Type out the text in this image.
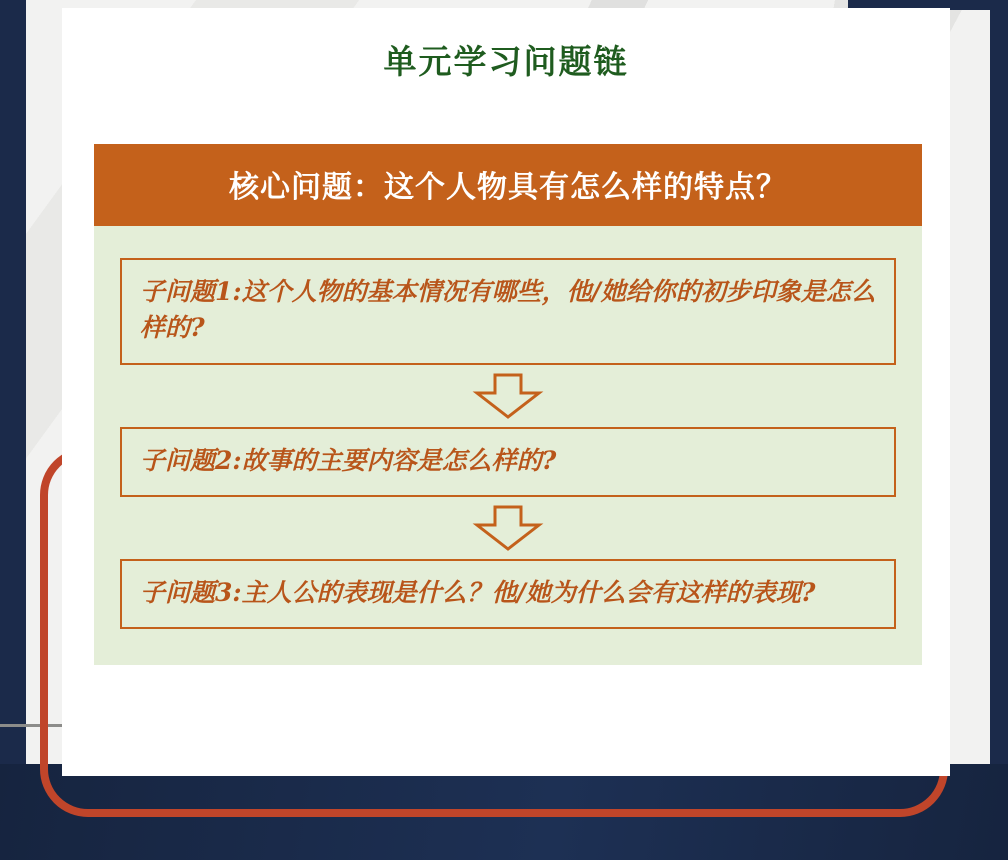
单元学习问题链
核心问题：这个人物具有怎么样的特点？
子问题1:这个人物的基本情况有哪些，他/她给你的初步印象是怎么样的?
子问题2:故事的主要内容是怎么样的?
子问题3:主人公的表现是什么？他/她为什么会有这样的表现?
